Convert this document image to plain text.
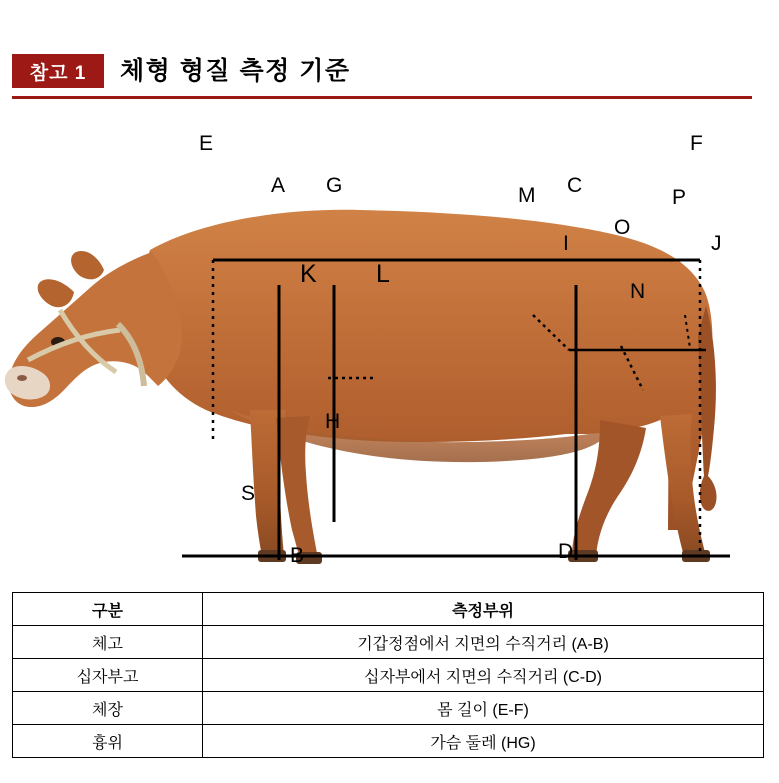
참고 1	체형 형질 측정 기준
E	F
A G	M C
O
P
I	J
K L
N
H
S
B	D
구분	측정부위
체고	기갑정점에서 지면의 수직거리 (A-B)
십자부고	십자부에서 지면의 수직거리 (C-D)
체장	몸 길이 (E-F)
흉위	가슴 둘레 (HG)
